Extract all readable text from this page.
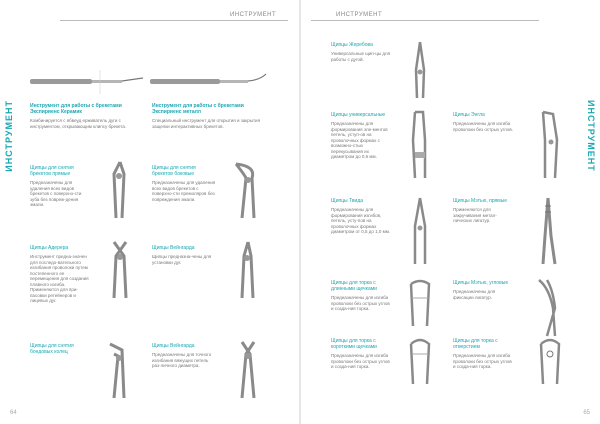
ИНСТРУМЕНТ
ИНСТРУМЕНТ
64
Инструмент для работы с брекетами Экспириенс Керамик
Комбинируется с ябвеуд ерживатель дуги с инструментом, открывающим клипсу брекета.
Инструмент для работы с брекетами Экспириенс металл
Специальный инструмент для открытия и закрытия защелки интерактивных брекетов.
Щипцы для снятия брекетов прямые
Предназначены для удаления всех видов брекетов с поверхно-сти зуба без повреж-дения эмали.
Щипцы Адерера
Инструмент предна-значен для последо-вательного изгибания проволоки путем постепенного ее перемещения для создания плавного изгиба. Применяются для при-пасовки ретейнеров и лицевых дуг.
Щипцы для снятия бондовых колец
Щипцы для снятия брекетов боковые
Предназначены для удаления всех видов брекетов с поверхно-сти премоляров без повреждения эмали.
Щипцы Вейнгарда
Щипцы предназна-чены для установки дуг.
Щипцы Вейнгарда
Предназначены для точного изгибания вяжущих петель раз-личного диаметра.
ИНСТРУМЕНТ
ИНСТРУМЕНТ
65
Щипцы Жеребова
Универсальные щип-цы для работы с дугой.
Щипцы универсальные
Предназначены для формирования эле-ментов петель, уступ-ов на проволочных формах с возможно-стью перекусывания их диаметром до 0,6 мм.
Щипцы Твида
Предназначены для формирования изгибов, петель, усту-пов на проволочных формах диаметром от 0,5 до 1,0 мм.
Щипцы для торка с длинными щечками
Предназначены для изгиба проволоки без острых углов и созда-ния торка.
Щипцы для торка с короткими щечками
Предназначены для изгиба проволоки без острых углов и созда-ния торка.
Щипцы Энгла
Предназначены для изгиба проволоки без острых углов.
Щипцы Мэтью, прямые
Применяются для закручивания метал-лических лигатур.
Щипцы Мэтью, угловые
Предназначены для фиксации лигатур.
Щипцы для торка с отверстием
Предназначены для изгиба проволоки без острых углов и созда-ния торка.
